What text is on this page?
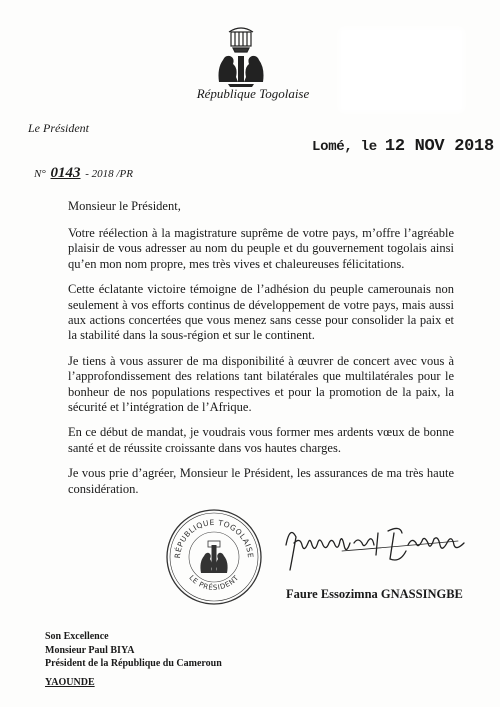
République Togolaise
Le Président
Lomé, le 12 NOV 2018
N° 0143 - 2018 /PR
Monsieur le Président,

Votre réélection à la magistrature suprême de votre pays, m’offre l’agréable plaisir de vous adresser au nom du peuple et du gouvernement togolais ainsi qu’en mon nom propre, mes très vives et chaleureuses félicitations.

Cette éclatante victoire témoigne de l’adhésion du peuple camerounais non seulement à vos efforts continus de développement de votre pays, mais aussi aux actions concertées que vous menez sans cesse pour consolider la paix et la stabilité dans la sous-région et sur le continent.

Je tiens à vous assurer de ma disponibilité à œuvrer de concert avec vous à l’approfondissement des relations tant bilatérales que multilatérales pour le bonheur de nos populations respectives et pour la promotion de la paix, la sécurité et l’intégration de l’Afrique.

En ce début de mandat, je voudrais vous former mes ardents vœux de bonne santé et de réussite croissante dans vos hautes charges.

Je vous prie d’agréer, Monsieur le Président, les assurances de ma très haute considération.

RÉPUBLIQUE TOGOLAISE
LE PRÉSIDENT
Faure Essozimna GNASSINGBE
Son Excellence
Monsieur Paul BIYA
Président de la République du Cameroun
YAOUNDE
